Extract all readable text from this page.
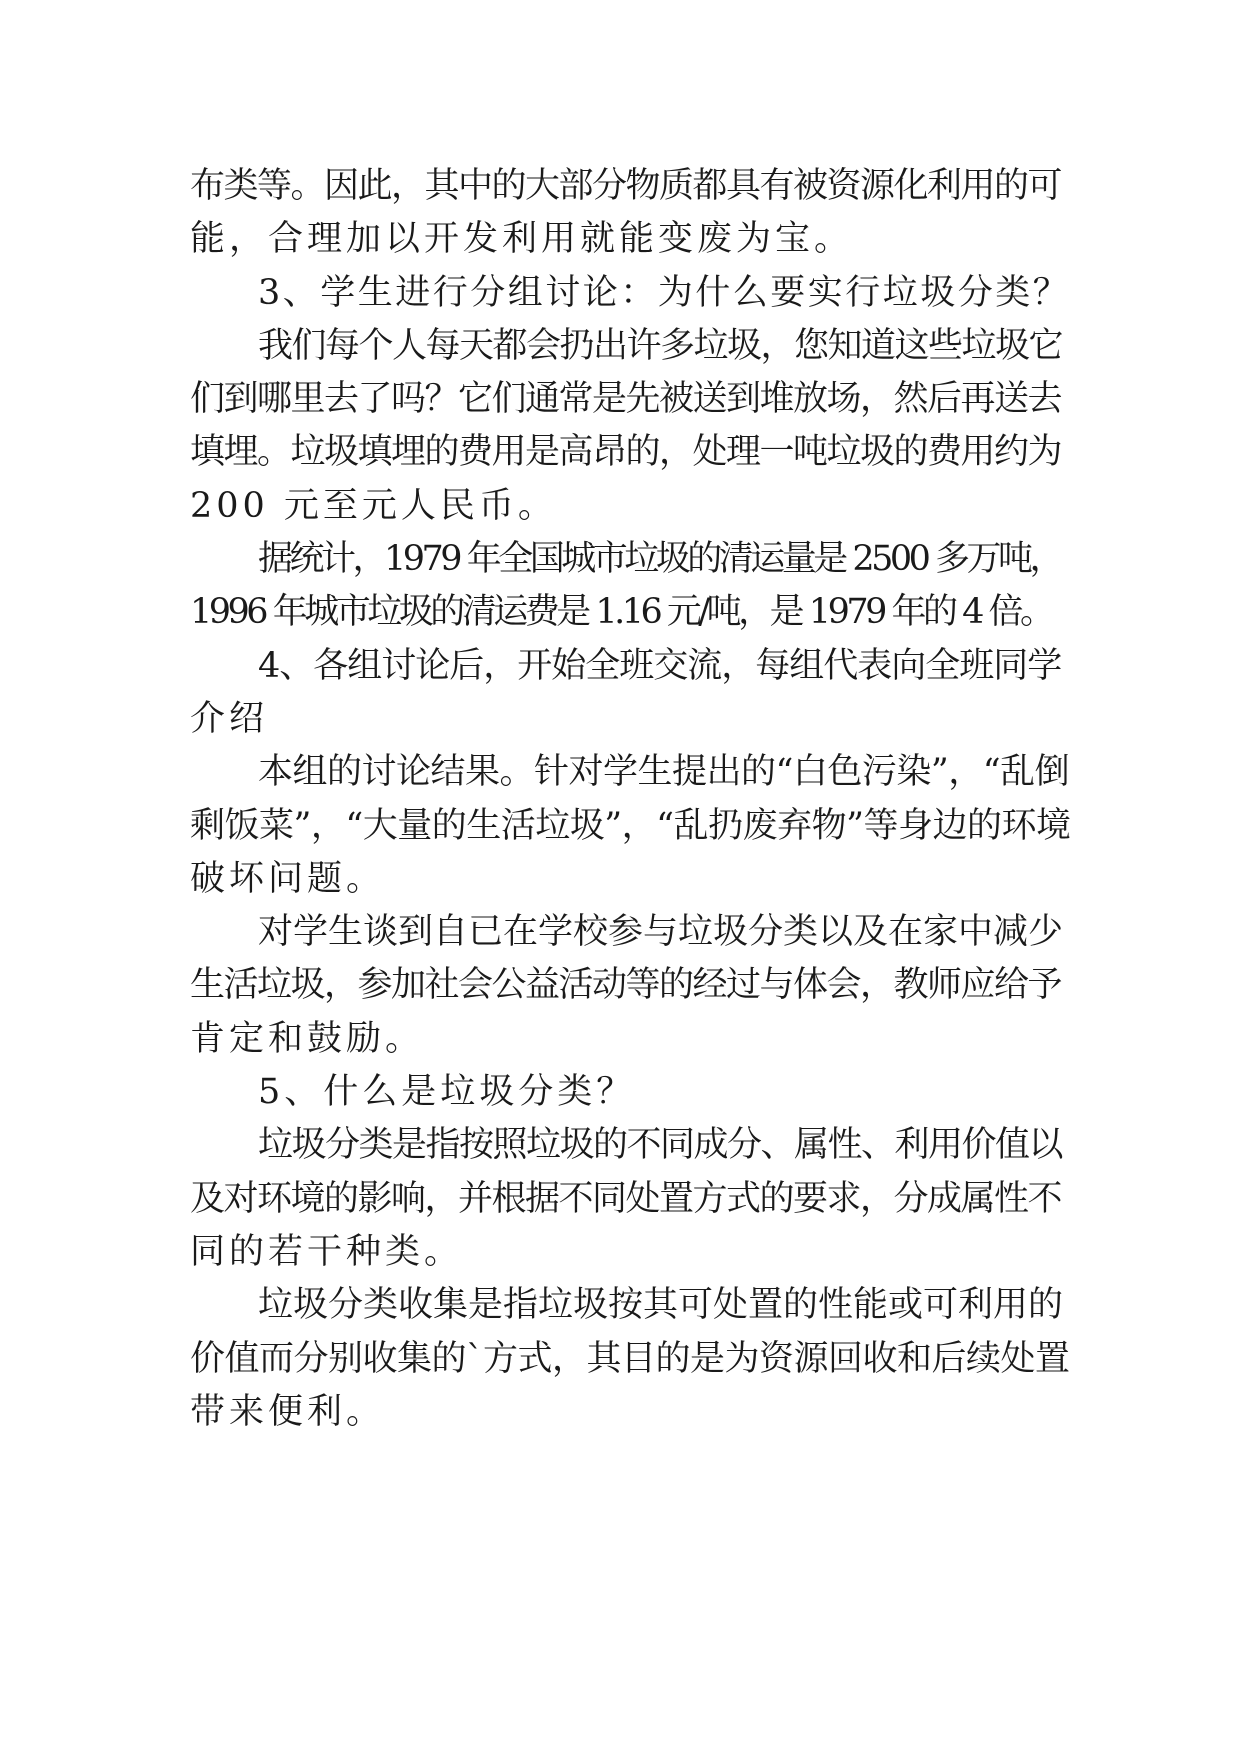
布类等。因此，其中的大部分物质都具有被资源化利用的可
能，合理加以开发利用就能变废为宝。
3、学生进行分组讨论：为什么要实行垃圾分类？
我们每个人每天都会扔出许多垃圾，您知道这些垃圾它
们到哪里去了吗？它们通常是先被送到堆放场，然后再送去
填埋。垃圾填埋的费用是高昂的，处理一吨垃圾的费用约为
200 元至元人民币。
据统计，1979 年全国城市垃圾的清运量是 2500 多万吨，
1996 年城市垃圾的清运费是 1.16 元/吨，是 1979 年的 4 倍。
4、各组讨论后，开始全班交流，每组代表向全班同学
介绍
本组的讨论结果。针对学生提出的“白色污染”，“乱倒
剩饭菜”，“大量的生活垃圾”，“乱扔废弃物”等身边的环境
破坏问题。
对学生谈到自已在学校参与垃圾分类以及在家中减少
生活垃圾，参加社会公益活动等的经过与体会，教师应给予
肯定和鼓励。
5、什么是垃圾分类？
垃圾分类是指按照垃圾的不同成分、属性、利用价值以
及对环境的影响，并根据不同处置方式的要求，分成属性不
同的若干种类。
垃圾分类收集是指垃圾按其可处置的性能或可利用的
价值而分别收集的`方式，其目的是为资源回收和后续处置
带来便利。
